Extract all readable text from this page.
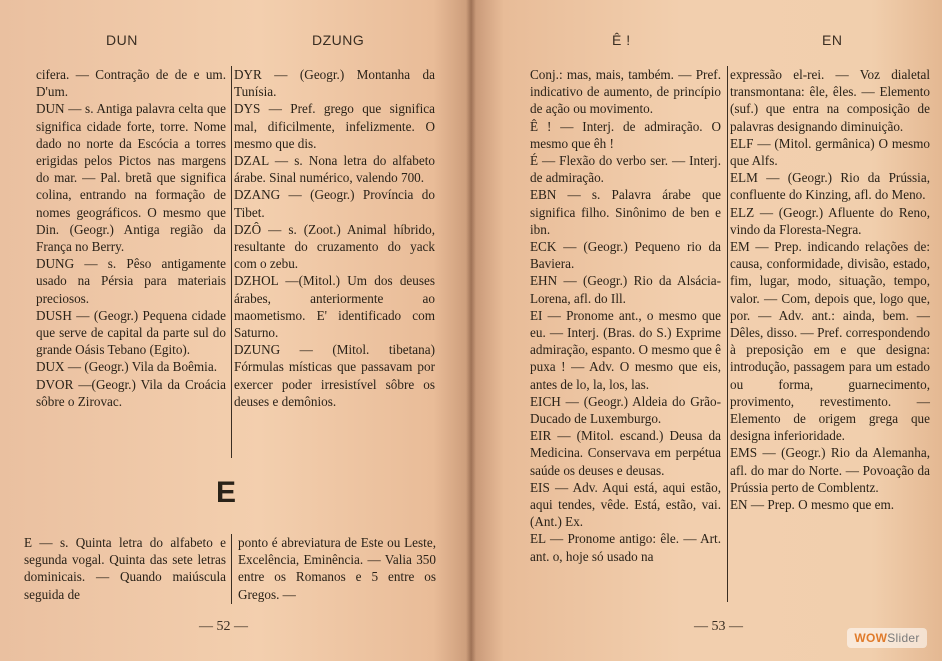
DUN	DZUNG	Ê !	EN

cifera. — Contração de de e um. D'um.

DUN — s. Antiga palavra celta que significa cidade forte, torre. Nome dado no norte da Escócia a torres erigidas pelos Pictos nas margens do mar. — Pal. bretã que significa colina, entrando na formação de nomes geográficos. O mesmo que Din. (Geogr.) Antiga região da França no Berry.

DUNG — s. Pêso antigamente usado na Pérsia para materiais preciosos.

DUSH — (Geogr.) Pequena cidade que serve de capital da parte sul do grande Oásis Tebano (Egito).

DUX — (Geogr.) Vila da Boêmia.

DVOR —(Geogr.) Vila da Croácia sôbre o Zirovac.

DYR — (Geogr.) Montanha da Tunísia.

DYS — Pref. grego que significa mal, dificilmente, infelizmente. O mesmo que dis.

DZAL — s. Nona letra do alfabeto árabe. Sinal numérico, valendo 700.

DZANG — (Geogr.) Província do Tibet.

DZÔ — s. (Zoot.) Animal híbrido, resultante do cruzamento do yack com o zebu.

DZHOL —(Mitol.) Um dos deuses árabes, anteriormente ao maometismo. E' identificado com Saturno.

DZUNG — (Mitol. tibetana) Fórmulas místicas que passavam por exercer poder irresistível sôbre os deuses e demônios.

E

E — s. Quinta letra do alfabeto e segunda vogal. Quinta das sete letras dominicais. — Quando maiúscula seguida de

ponto é abreviatura de Este ou Leste, Excelência, Eminência. — Valia 350 entre os Romanos e 5 entre os Gregos. —

— 52 —

Conj.: mas, mais, também. — Pref. indicativo de aumento, de princípio de ação ou movimento.

Ê ! — Interj. de admiração. O mesmo que êh !

É — Flexão do verbo ser. — Interj. de admiração.

EBN — s. Palavra árabe que significa filho. Sinônimo de ben e ibn.

ECK — (Geogr.) Pequeno rio da Baviera.

EHN — (Geogr.) Rio da Alsácia-Lorena, afl. do Ill.

EI — Pronome ant., o mesmo que eu. — Interj. (Bras. do S.) Exprime admiração, espanto. O mesmo que ê puxa ! — Adv. O mesmo que eis, antes de lo, la, los, las.

EICH — (Geogr.) Aldeia do Grão-Ducado de Luxemburgo.

EIR — (Mitol. escand.) Deusa da Medicina. Conservava em perpétua saúde os deuses e deusas.

EIS — Adv. Aqui está, aqui estão, aqui tendes, vêde. Está, estão, vai. (Ant.) Ex.

EL — Pronome antigo: êle. — Art. ant. o, hoje só usado na

expressão el-rei. — Voz dialetal transmontana: êle, êles. — Elemento (suf.) que entra na composição de palavras designando diminuição.

ELF — (Mitol. germânica) O mesmo que Alfs.

ELM — (Geogr.) Rio da Prússia, confluente do Kinzing, afl. do Meno.

ELZ — (Geogr.) Afluente do Reno, vindo da Floresta-Negra.

EM — Prep. indicando relações de: causa, conformidade, divisão, estado, fim, lugar, modo, situação, tempo, valor. — Com, depois que, logo que, por. — Adv. ant.: ainda, bem. — Dêles, disso. — Pref. correspondendo à preposição em e que designa: introdução, passagem para um estado ou forma, guarnecimento, provimento, revestimento. — Elemento de origem grega que designa inferioridade.

EMS — (Geogr.) Rio da Alemanha, afl. do mar do Norte. — Povoação da Prússia perto de Comblentz.

EN — Prep. O mesmo que em.

— 53 —
WOWSlider
